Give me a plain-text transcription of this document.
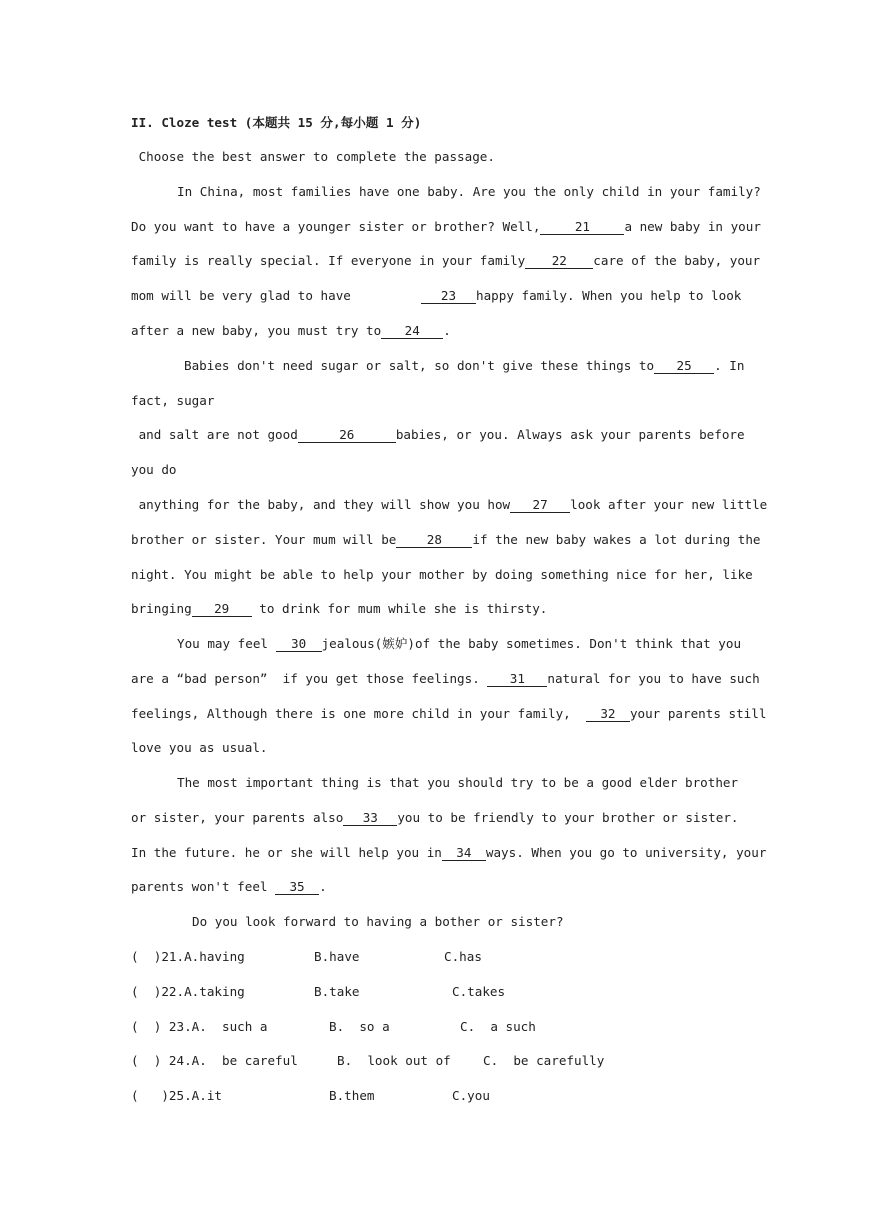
II. Cloze test (本题共 15 分,每小题 1 分)
Choose the best answer to complete the passage.
In China, most families have one baby. Are you the only child in your family?
Do you want to have a younger sister or brother? Well,	21	a new baby in your
family is really special. If everyone in your family 22 care of the baby, your
mom will be very glad to have	23 happy family. When you help to look
after a new baby, you must try to 24 .
Babies don't need sugar or salt, so don't give these things to 25 . In
fact, sugar
and salt are not good	26	babies, or you. Always ask your parents before
you do
anything for the baby, and they will show you how 27 look after your new little
brother or sister. Your mum will be 28 if the new baby wakes a lot during the
night. You might be able to help your mother by doing something nice for her, like
bringing 29 to drink for mum while she is thirsty.
You may feel 30 jealous(嫉妒)of the baby sometimes. Don't think that you
are a “bad person”  if you get those feelings. 31 natural for you to have such
feelings, Although there is one more child in your family,  32 your parents still
love you as usual.
The most important thing is that you should try to be a good elder brother
or sister, your parents also 33 you to be friendly to your brother or sister.
In the future. he or she will help you in 34 ways. When you go to university, your
parents won't feel 35 .
Do you look forward to having a bother or sister?
(  )21.A.having	B.have	C.has
(  )22.A.taking	B.take	C.takes
(  ) 23.A.  such a	B.  so a	C.  a such
(  ) 24.A.  be careful	B.  look out of	C.  be carefully
(   )25.A.it	B.them	C.you
